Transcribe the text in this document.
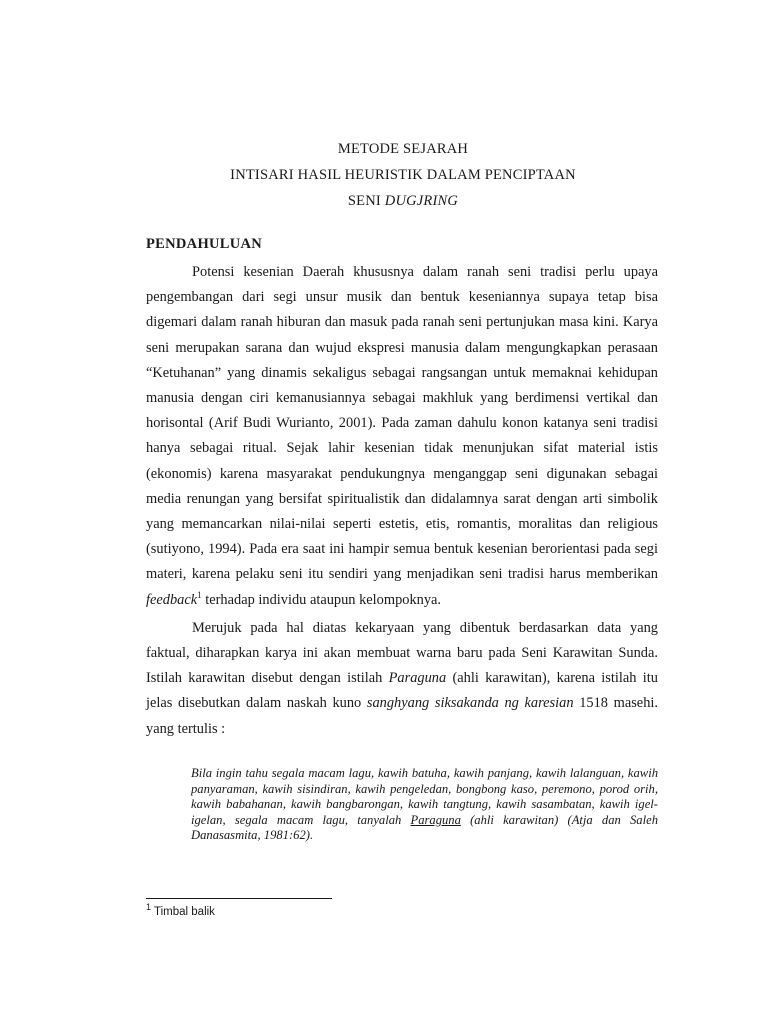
METODE SEJARAH
INTISARI HASIL HEURISTIK DALAM PENCIPTAAN
SENI DUGJRING
PENDAHULUAN

Potensi kesenian Daerah khususnya dalam ranah seni tradisi perlu upaya pengembangan dari segi unsur musik dan bentuk keseniannya supaya tetap bisa digemari dalam ranah hiburan dan masuk pada ranah seni pertunjukan masa kini. Karya seni merupakan sarana dan wujud ekspresi manusia dalam mengungkapkan perasaan “Ketuhanan” yang dinamis sekaligus sebagai rangsangan untuk memaknai kehidupan manusia dengan ciri kemanusiannya sebagai makhluk yang berdimensi vertikal dan horisontal (Arif Budi Wurianto, 2001). Pada zaman dahulu konon katanya seni tradisi hanya sebagai ritual. Sejak lahir kesenian tidak menunjukan sifat material istis (ekonomis) karena masyarakat pendukungnya menganggap seni digunakan sebagai media renungan yang bersifat spiritualistik dan didalamnya sarat dengan arti simbolik yang memancarkan nilai-nilai seperti estetis, etis, romantis, moralitas dan religious (sutiyono, 1994). Pada era saat ini hampir semua bentuk kesenian berorientasi pada segi materi, karena pelaku seni itu sendiri yang menjadikan seni tradisi harus memberikan feedback$^1$ terhadap individu ataupun kelompoknya.

Merujuk pada hal diatas kekaryaan yang dibentuk berdasarkan data yang faktual, diharapkan karya ini akan membuat warna baru pada Seni Karawitan Sunda. Istilah karawitan disebut dengan istilah Paraguna (ahli karawitan), karena istilah itu jelas disebutkan dalam naskah kuno sanghyang siksakanda ng karesian 1518 masehi. yang tertulis :

Bila ingin tahu segala macam lagu, kawih batuha, kawih panjang, kawih lalanguan, kawih panyaraman, kawih sisindiran, kawih pengeledan, bongbong kaso, peremono, porod orih, kawih babahanan, kawih bangbarongan, kawih tangtung, kawih sasambatan, kawih igel-igelan, segala macam lagu, tanyalah Paraguna (ahli karawitan) (Atja dan Saleh Danasasmita, 1981:62).
$^1$ Timbal balik
